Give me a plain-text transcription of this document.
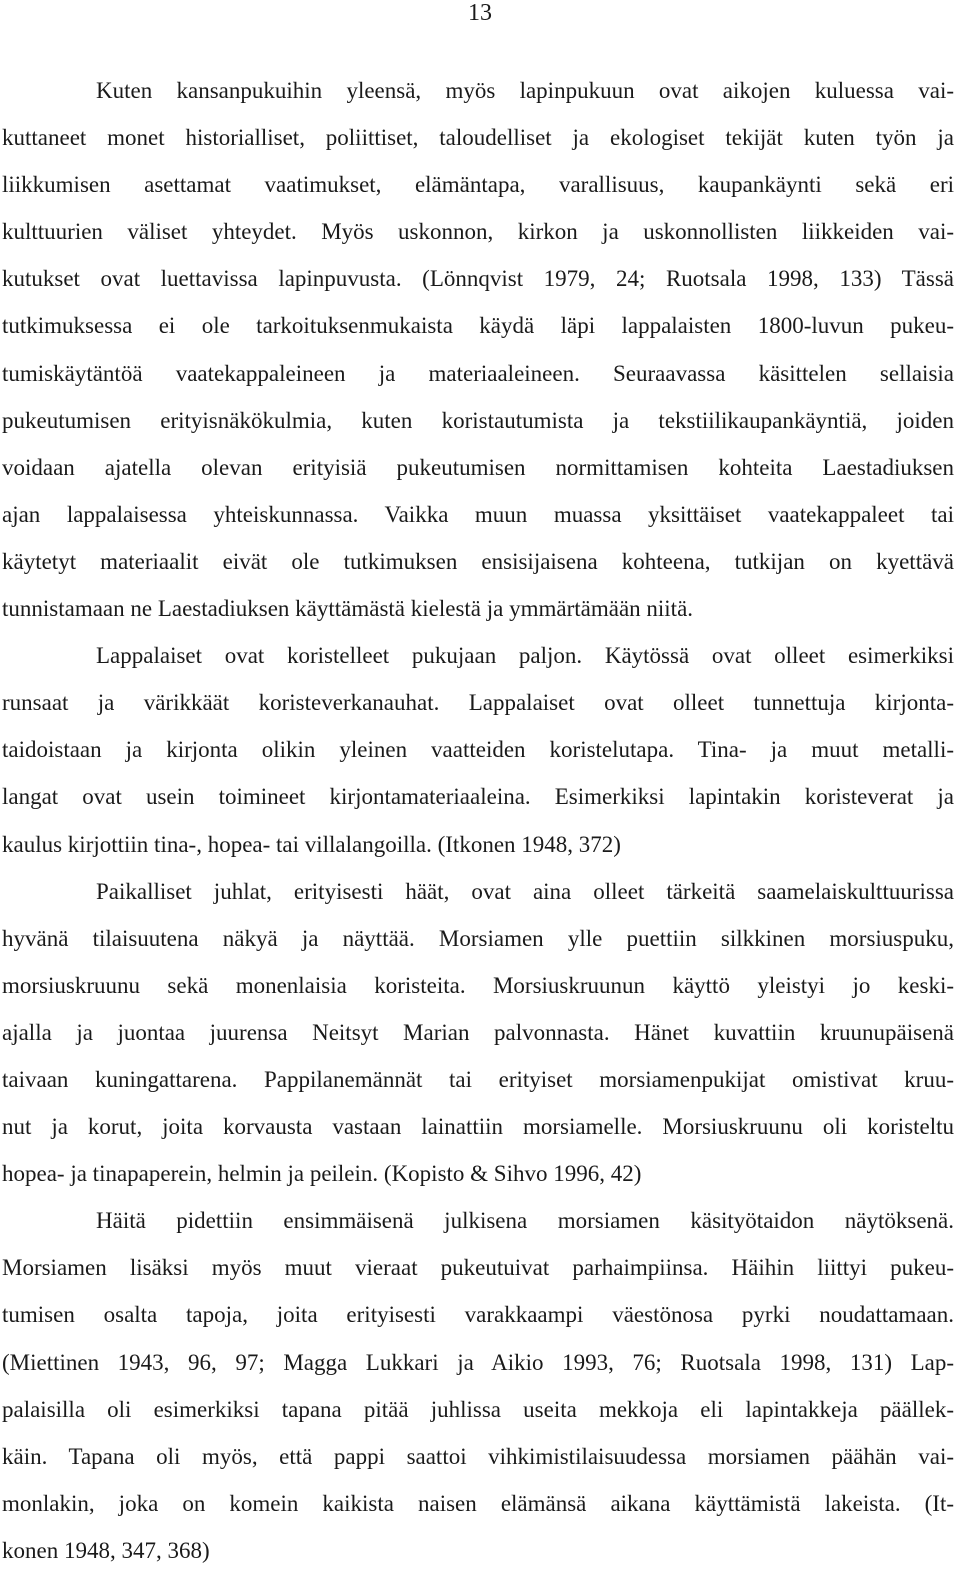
13
Kuten kansanpukuihin yleensä, myös lapinpukuun ovat aikojen kuluessa vai-
kuttaneet monet historialliset, poliittiset, taloudelliset ja ekologiset tekijät kuten työn ja
liikkumisen asettamat vaatimukset, elämäntapa, varallisuus, kaupankäynti sekä eri
kulttuurien väliset yhteydet. Myös uskonnon, kirkon ja uskonnollisten liikkeiden vai-
kutukset ovat luettavissa lapinpuvusta. (Lönnqvist 1979, 24; Ruotsala 1998, 133) Tässä
tutkimuksessa ei ole tarkoituksenmukaista käydä läpi lappalaisten 1800-luvun pukeu-
tumiskäytäntöä vaatekappaleineen ja materiaaleineen. Seuraavassa käsittelen sellaisia
pukeutumisen erityisnäkökulmia, kuten koristautumista ja tekstiilikaupankäyntiä, joiden
voidaan ajatella olevan erityisiä pukeutumisen normittamisen kohteita Laestadiuksen
ajan lappalaisessa yhteiskunnassa. Vaikka muun muassa yksittäiset vaatekappaleet tai
käytetyt materiaalit eivät ole tutkimuksen ensisijaisena kohteena, tutkijan on kyettävä
tunnistamaan ne Laestadiuksen käyttämästä kielestä ja ymmärtämään niitä.
Lappalaiset ovat koristelleet pukujaan paljon. Käytössä ovat olleet esimerkiksi
runsaat ja värikkäät koristeverkanauhat. Lappalaiset ovat olleet tunnettuja kirjonta-
taidoistaan ja kirjonta olikin yleinen vaatteiden koristelutapa. Tina- ja muut metalli-
langat ovat usein toimineet kirjontamateriaaleina. Esimerkiksi lapintakin koristeverat ja
kaulus kirjottiin tina-, hopea- tai villalangoilla. (Itkonen 1948, 372)
Paikalliset juhlat, erityisesti häät, ovat aina olleet tärkeitä saamelaiskulttuurissa
hyvänä tilaisuutena näkyä ja näyttää. Morsiamen ylle puettiin silkkinen morsiuspuku,
morsiuskruunu sekä monenlaisia koristeita. Morsiuskruunun käyttö yleistyi jo keski-
ajalla ja juontaa juurensa Neitsyt Marian palvonnasta. Hänet kuvattiin kruunupäisenä
taivaan kuningattarena. Pappilanemännät tai erityiset morsiamenpukijat omistivat kruu-
nut ja korut, joita korvausta vastaan lainattiin morsiamelle. Morsiuskruunu oli koristeltu
hopea- ja tinapaperein, helmin ja peilein. (Kopisto & Sihvo 1996, 42)
Häitä pidettiin ensimmäisenä julkisena morsiamen käsityötaidon näytöksenä.
Morsiamen lisäksi myös muut vieraat pukeutuivat parhaimpiinsa. Häihin liittyi pukeu-
tumisen osalta tapoja, joita erityisesti varakkaampi väestönosa pyrki noudattamaan.
(Miettinen 1943, 96, 97; Magga Lukkari ja Aikio 1993, 76; Ruotsala 1998, 131) Lap-
palaisilla oli esimerkiksi tapana pitää juhlissa useita mekkoja eli lapintakkeja päällek-
käin. Tapana oli myös, että pappi saattoi vihkimistilaisuudessa morsiamen päähän vai-
monlakin, joka on komein kaikista naisen elämänsä aikana käyttämistä lakeista. (It-
konen 1948, 347, 368)
